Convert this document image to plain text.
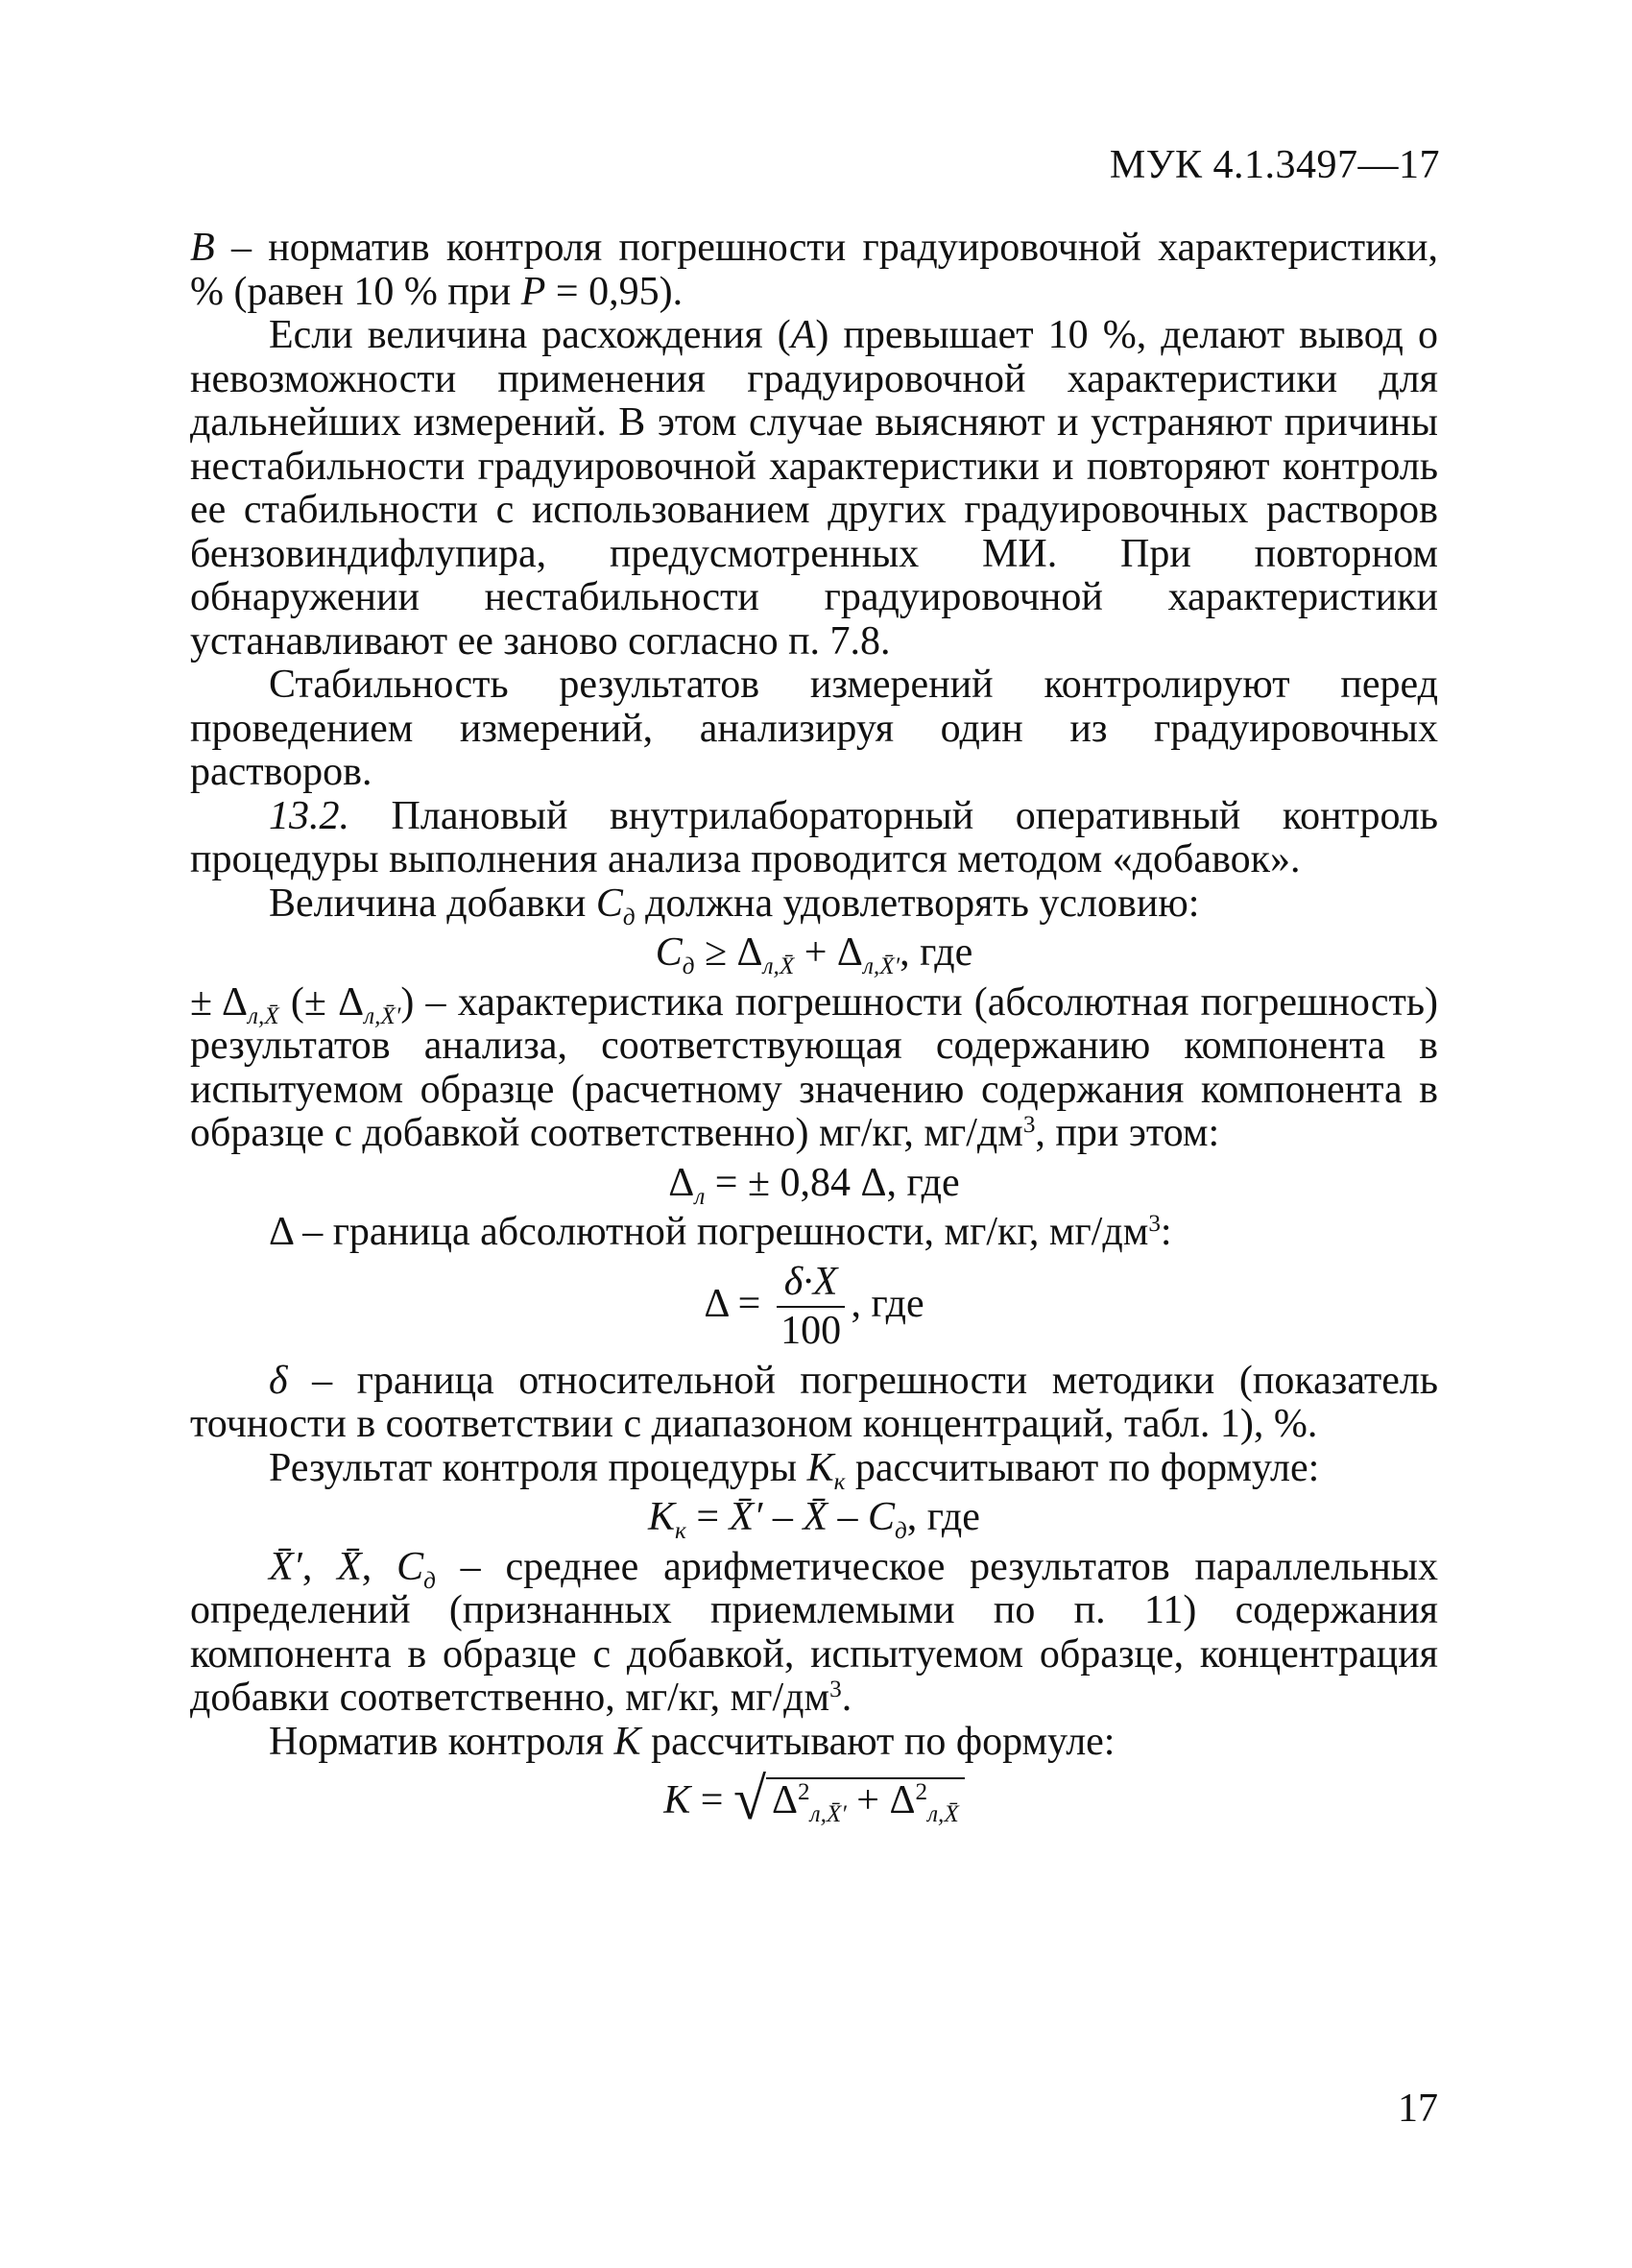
МУК 4.1.3497—17

B – норматив контроля погрешности градуировочной характеристики, % (равен 10 % при P = 0,95).

Если величина расхождения (A) превышает 10 %, делают вывод о невозможности применения градуировочной характеристики для дальнейших измерений. В этом случае выясняют и устраняют причины нестабильности градуировочной характеристики и повторяют контроль ее стабильности с использованием других градуировочных растворов бензовиндифлупира, предусмотренных МИ. При повторном обнаружении нестабильности градуировочной характеристики устанавливают ее заново согласно п. 7.8.

Стабильность результатов измерений контролируют перед проведением измерений, анализируя один из градуировочных растворов.

13.2. Плановый внутрилабораторный оперативный контроль процедуры выполнения анализа проводится методом «добавок».

Величина добавки $C_д$ должна удовлетворять условию:

$C_д \ge \Delta_{л,X̄} + \Delta_{л,X̄'}$, где

± $\Delta_{л,X̄}$ (± $\Delta_{л,X̄'}$) – характеристика погрешности (абсолютная погрешность) результатов анализа, соответствующая содержанию компонента в испытуемом образце (расчетному значению содержания компонента в образце с добавкой соответственно) мг/кг, $мг/дм^3$, при этом:

$\Delta_л$ = ± 0,84 Δ, где

Δ – граница абсолютной погрешности, мг/кг, $мг/дм^3$:

$\Delta = \frac{\delta\cdot X}{100}$ , где

δ – граница относительной погрешности методики (показатель точности в соответствии с диапазоном концентраций, табл. 1), %.

Результат контроля процедуры $K_к$ рассчитывают по формуле:

$K_к$ = X̄′ – X̄ – $C_д$, где

X̄′, X̄, $C_д$ – среднее арифметическое результатов параллельных определений (признанных приемлемыми по п. 11) содержания компонента в образце с добавкой, испытуемом образце, концентрация добавки соответственно, мг/кг, $мг/дм^3$.

Норматив контроля K рассчитывают по формуле:

K = √ $\Delta^2_{л,X̄'} + \Delta^2_{л,X̄}$
17
